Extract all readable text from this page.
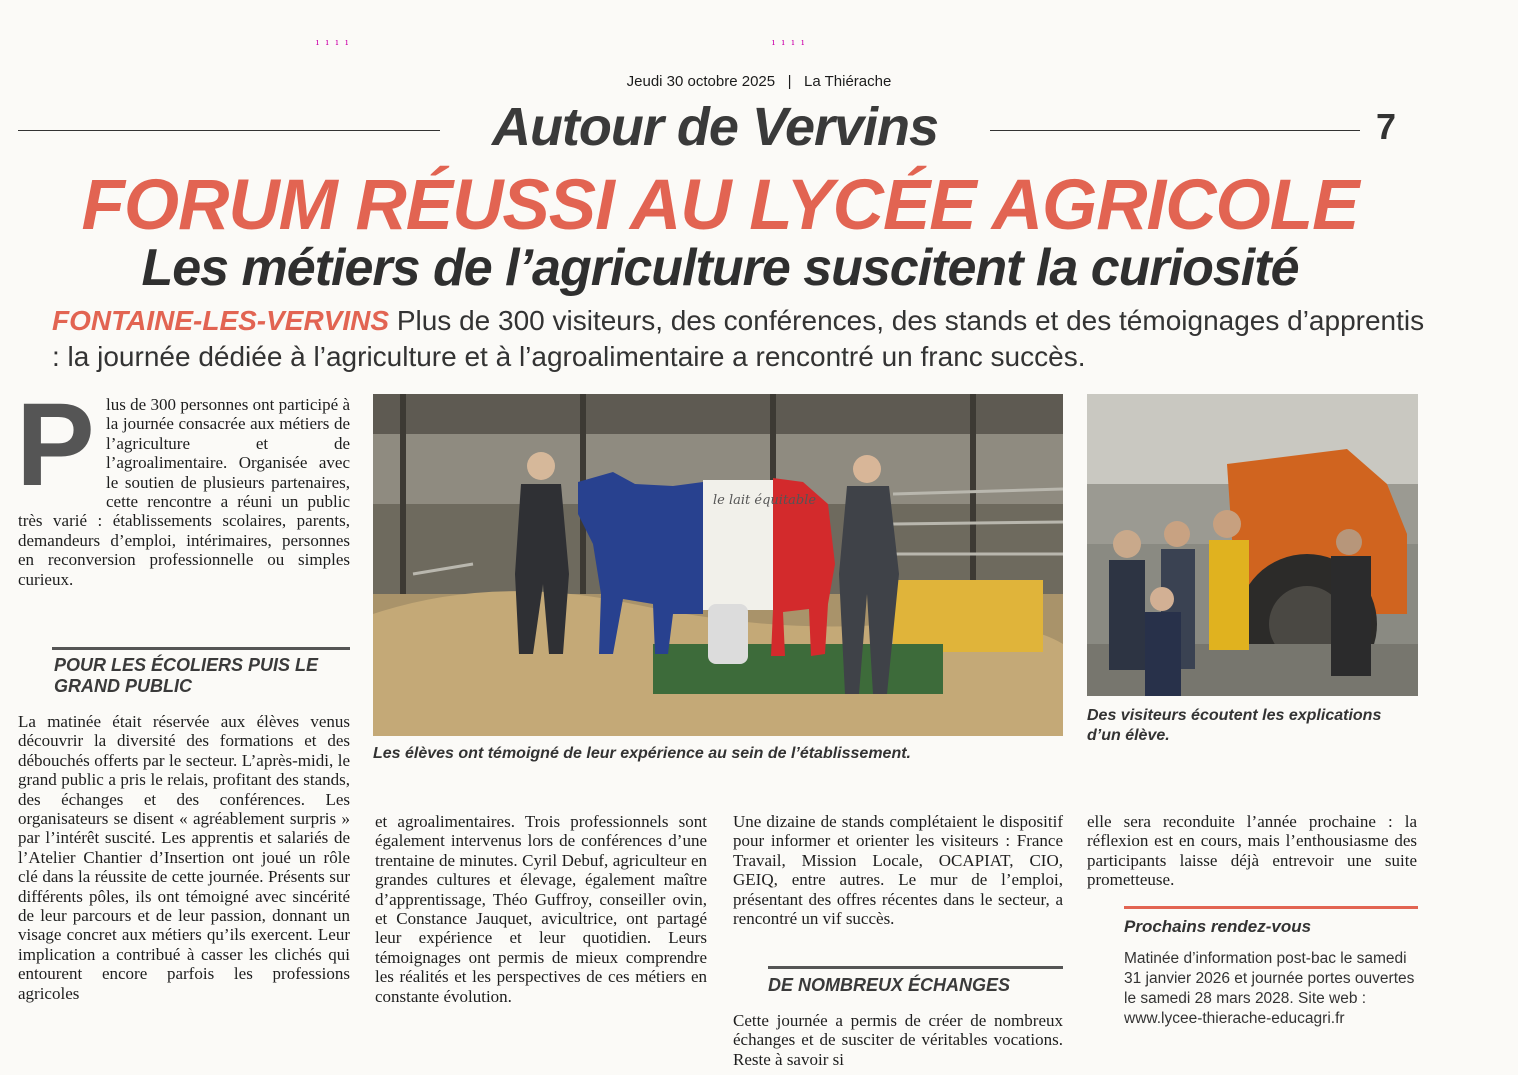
ı ı ı ı	ı ı ı ı
Jeudi 30 octobre 2025 | La Thiérache
Autour de Vervins	7
FORUM RÉUSSI AU LYCÉE AGRICOLE
Les métiers de l’agriculture suscitent la curiosité
FONTAINE-LES-VERVINS Plus de 300 visiteurs, des conférences, des stands et des témoignages d’apprentis : la journée dédiée à l’agriculture et à l’agroalimentaire a rencontré un franc succès.
P lus de 300 personnes ont participé à la journée consacrée aux métiers de l’agriculture et de l’agroalimentaire. Organisée avec le soutien de plusieurs partenaires, cette rencontre a réuni un public très varié : établissements scolaires, parents, demandeurs d’emploi, intérimaires, personnes en reconversion professionnelle ou simples curieux.

POUR LES ÉCOLIERS PUIS LE GRAND PUBLIC
La matinée était réservée aux élèves venus découvrir la diversité des formations et des débouchés offerts par le secteur. L’après-midi, le grand public a pris le relais, profitant des stands, des échanges et des conférences. Les organisateurs se disent « agréablement surpris » par l’intérêt suscité. Les apprentis et salariés de l’Atelier Chantier d’Insertion ont joué un rôle clé dans la réussite de cette journée. Présents sur différents pôles, ils ont témoigné avec sincérité de leur parcours et de leur passion, donnant un visage concret aux métiers qu’ils exercent. Leur implication a contribué à casser les clichés qui entourent encore parfois les professions agricoles
le lait équitable
Les élèves ont témoigné de leur expérience au sein de l’établissement.
Des visiteurs écoutent les explications d’un élève.
et agroalimentaires. Trois professionnels sont également intervenus lors de conférences d’une trentaine de minutes. Cyril Debuf, agriculteur en grandes cultures et élevage, également maître d’apprentissage, Théo Guffroy, conseiller ovin, et Constance Jauquet, avicultrice, ont partagé leur expérience et leur quotidien. Leurs témoignages ont permis de mieux comprendre les réalités et les perspectives de ces métiers en constante évolution.
Une dizaine de stands complétaient le dispositif pour informer et orienter les visiteurs : France Travail, Mission Locale, OCAPIAT, CIO, GEIQ, entre autres. Le mur de l’emploi, présentant des offres récentes dans le secteur, a rencontré un vif succès.
DE NOMBREUX ÉCHANGES
Cette journée a permis de créer de nombreux échanges et de susciter de véritables vocations. Reste à savoir si
elle sera reconduite l’année prochaine : la réflexion est en cours, mais l’enthousiasme des participants laisse déjà entrevoir une suite prometteuse.
Prochains rendez-vous
Matinée d’information post-bac le samedi 31 janvier 2026 et journée portes ouvertes le samedi 28 mars 2028. Site web : www.lycee-thierache-educagri.fr
